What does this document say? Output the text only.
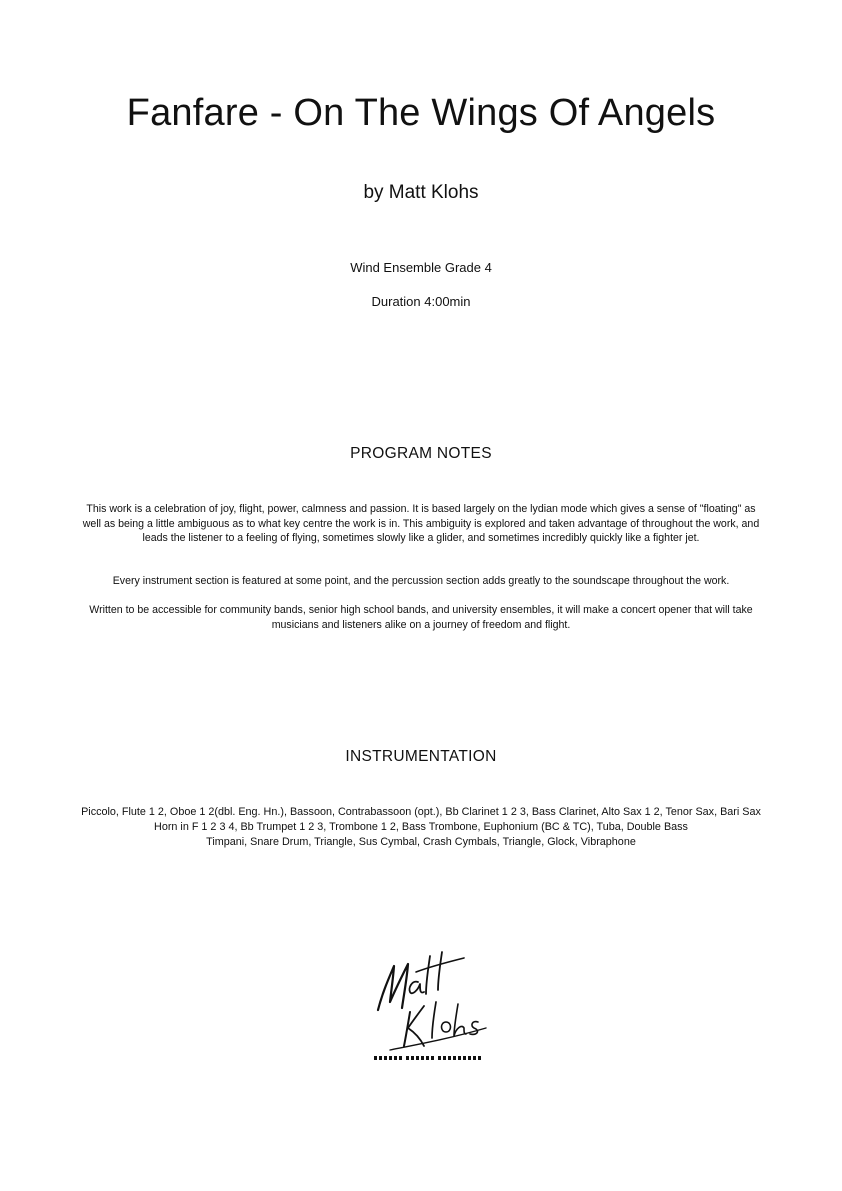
Fanfare - On The Wings Of Angels
by Matt Klohs
Wind Ensemble Grade 4
Duration 4:00min
PROGRAM NOTES
This work is a celebration of joy, flight, power, calmness and passion. It is based largely on the lydian mode which gives a sense of "floating" as well as being a little ambiguous as to what key centre the work is in. This ambiguity is explored and taken advantage of throughout the work, and leads the listener to a feeling of flying, sometimes slowly like a glider, and sometimes incredibly quickly like a fighter jet.
Every instrument section is featured at some point, and the percussion section adds greatly to the soundscape throughout the work.
Written to be accessible for community bands, senior high school bands, and university ensembles, it will make a concert opener that will take musicians and listeners alike on a journey of freedom and flight.
INSTRUMENTATION
Piccolo, Flute 1 2, Oboe 1 2(dbl. Eng. Hn.), Bassoon, Contrabassoon (opt.), Bb Clarinet 1 2 3, Bass Clarinet, Alto Sax 1 2, Tenor Sax, Bari Sax
Horn in F 1 2 3 4, Bb Trumpet 1 2 3, Trombone 1 2, Bass Trombone, Euphonium (BC & TC), Tuba, Double Bass
Timpani, Snare Drum, Triangle, Sus Cymbal, Crash Cymbals, Triangle, Glock, Vibraphone
